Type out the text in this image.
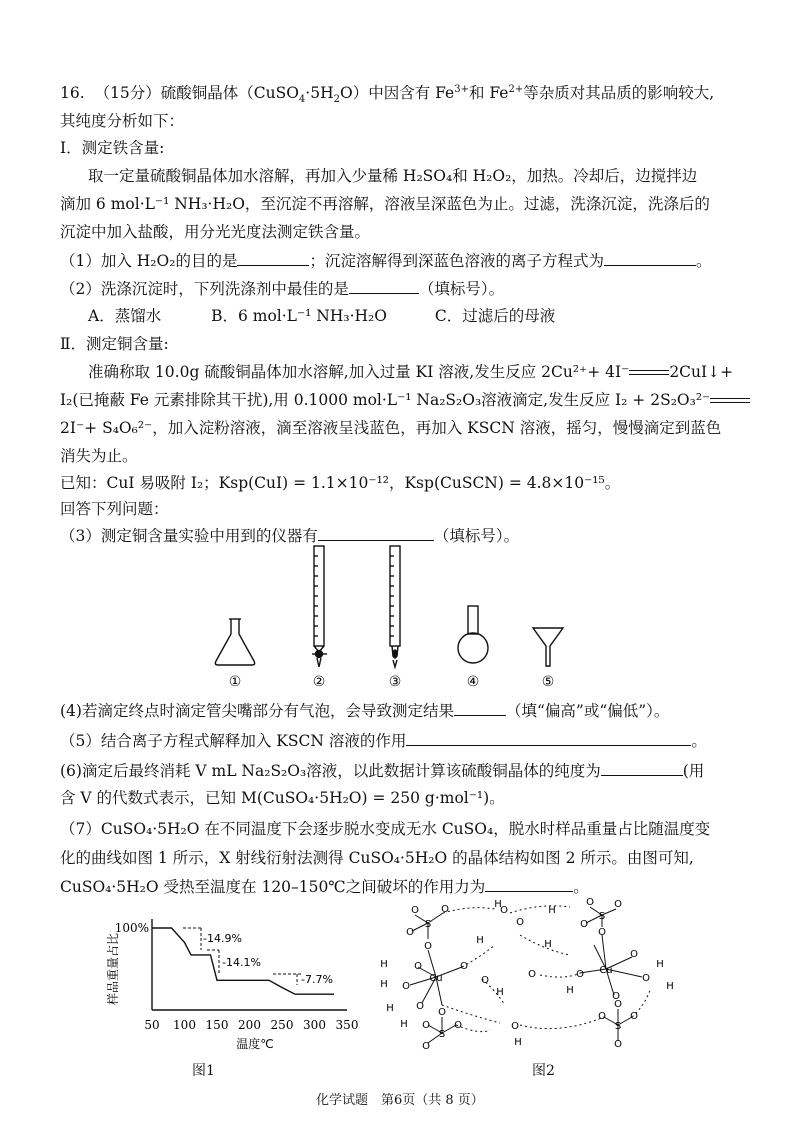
16. （15分）硫酸铜晶体$(CuSO_4\cdot 5H_2O)$中因含有 $Fe^{3+}$和 $Fe^{2+}$等杂质对其品质的影响较大,
其纯度分析如下：
Ⅰ．测定铁含量:
取一定量硫酸铜晶体加水溶解，再加入少量稀 H₂SO₄和 H₂O₂，加热。冷却后，边搅拌边
滴加 6 mol·L⁻¹ NH₃·H₂O，至沉淀不再溶解，溶液呈深蓝色为止。过滤，洗涤沉淀，洗涤后的
沉淀中加入盐酸，用分光光度法测定铁含量。
（1）加入 H₂O₂的目的是	；沉淀溶解得到深蓝色溶液的离子方程式为	。
（2）洗涤沉淀时，下列洗涤剂中最佳的是	（填标号）。
A．蒸馏水	B．6 mol·L⁻¹ NH₃·H₂O	C．过滤后的母液
Ⅱ．测定铜含量:
准确称取 10.0g 硫酸铜晶体加水溶解,加入过量 KI 溶液,发生反应 2Cu²⁺+ 4I⁻	2CuI↓+
I₂(已掩蔽 Fe 元素排除其干扰),用 0.1000 mol·L⁻¹ Na₂S₂O₃溶液滴定,发生反应 I₂ + 2S₂O₃²⁻
2I⁻+ S₄O₆²⁻，加入淀粉溶液，滴至溶液呈浅蓝色，再加入 KSCN 溶液，摇匀，慢慢滴定到蓝色
消失为止。
已知：CuI 易吸附 I₂；Ksp(CuI) = 1.1×10⁻¹²，Ksp(CuSCN) = 4.8×10⁻¹⁵。
回答下列问题：
（3）测定铜含量实验中用到的仪器有	（填标号）。
①	②	③	④	⑤
(4)若滴定终点时滴定管尖嘴部分有气泡，会导致测定结果	（填“偏高”或“偏低”）。
（5）结合离子方程式解释加入 KSCN 溶液的作用	。
(6)滴定后最终消耗 V mL Na₂S₂O₃溶液，以此数据计算该硫酸铜晶体的纯度为	(用
含 V 的代数式表示，已知 M(CuSO₄·5H₂O) = 250 g·mol⁻¹)。
（7）CuSO₄·5H₂O 在不同温度下会逐步脱水变成无水 CuSO₄，脱水时样品重量占比随温度变
化的曲线如图 1 所示，X 射线衍射法测得 CuSO₄·5H₂O 的晶体结构如图 2 所示。由图可知,
CuSO₄·5H₂O 受热至温度在 120–150℃之间破坏的作用力为	。
100%
样品重量占比
温度℃
50 100 150 200 250 300 350
-14.9%
-14.1%
-7.7%
图1
Cu
Cu
S
S
S
S
O O
O
O
O O
O
O
O
O
O
O
O
O O
O
O
O
O
O
O O
O
O
O
O
O
O
O
H
H
H	H
H
H
H
H
H
H
H
H
H
图2
化学试题　第6页（共 8 页）
